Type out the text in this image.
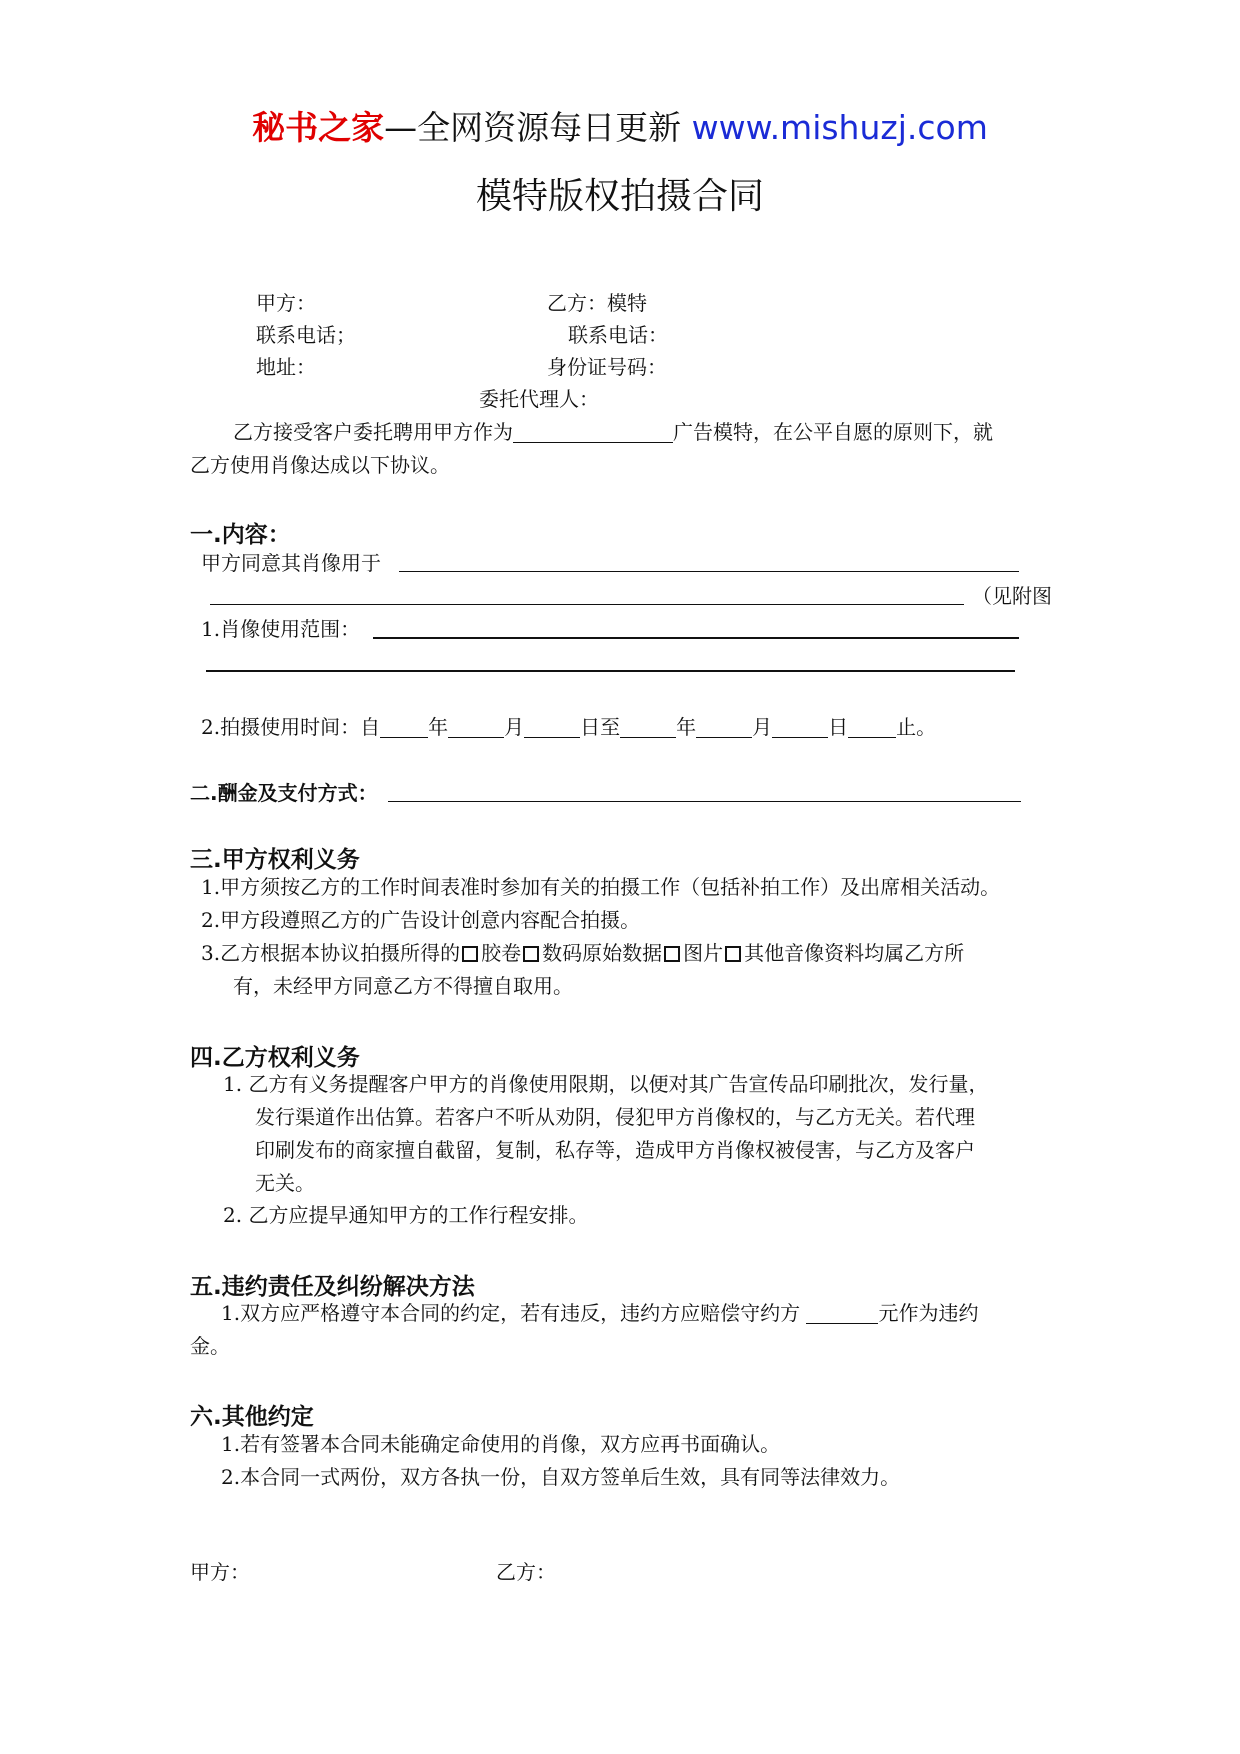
秘书之家—全网资源每日更新 www.mishuzj.com
模特版权拍摄合同
甲方：	乙方：模特
联系电话；	联系电话：
地址：	身份证号码：
委托代理人：
乙方接受客户委托聘用甲方作为	广告模特，在公平自愿的原则下，就
乙方使用肖像达成以下协议。
一.内容：
甲方同意其肖像用于
（见附图
1.肖像使用范围：
2.拍摄使用时间：自 年	月	日至	年	月	日 止。
二.酬金及支付方式：
三.甲方权利义务
1.甲方须按乙方的工作时间表准时参加有关的拍摄工作（包括补拍工作）及出席相关活动。
2.甲方段遵照乙方的广告设计创意内容配合拍摄。
3.乙方根据本协议拍摄所得的 胶卷 数码原始数据 图片 其他音像资料均属乙方所
有，未经甲方同意乙方不得擅自取用。
四.乙方权利义务
1. 乙方有义务提醒客户甲方的肖像使用限期，以便对其广告宣传品印刷批次，发行量，
发行渠道作出估算。若客户不听从劝阴，侵犯甲方肖像权的，与乙方无关。若代理
印刷发布的商家擅自截留，复制，私存等，造成甲方肖像权被侵害，与乙方及客户
无关。
2. 乙方应提早通知甲方的工作行程安排。
五.违约责任及纠纷解决方法
1.双方应严格遵守本合同的约定，若有违反，违约方应赔偿守约方	元作为违约
金。
六.其他约定
1.若有签署本合同未能确定命使用的肖像，双方应再书面确认。
2.本合同一式两份，双方各执一份，自双方签单后生效，具有同等法律效力。
甲方：	乙方：
